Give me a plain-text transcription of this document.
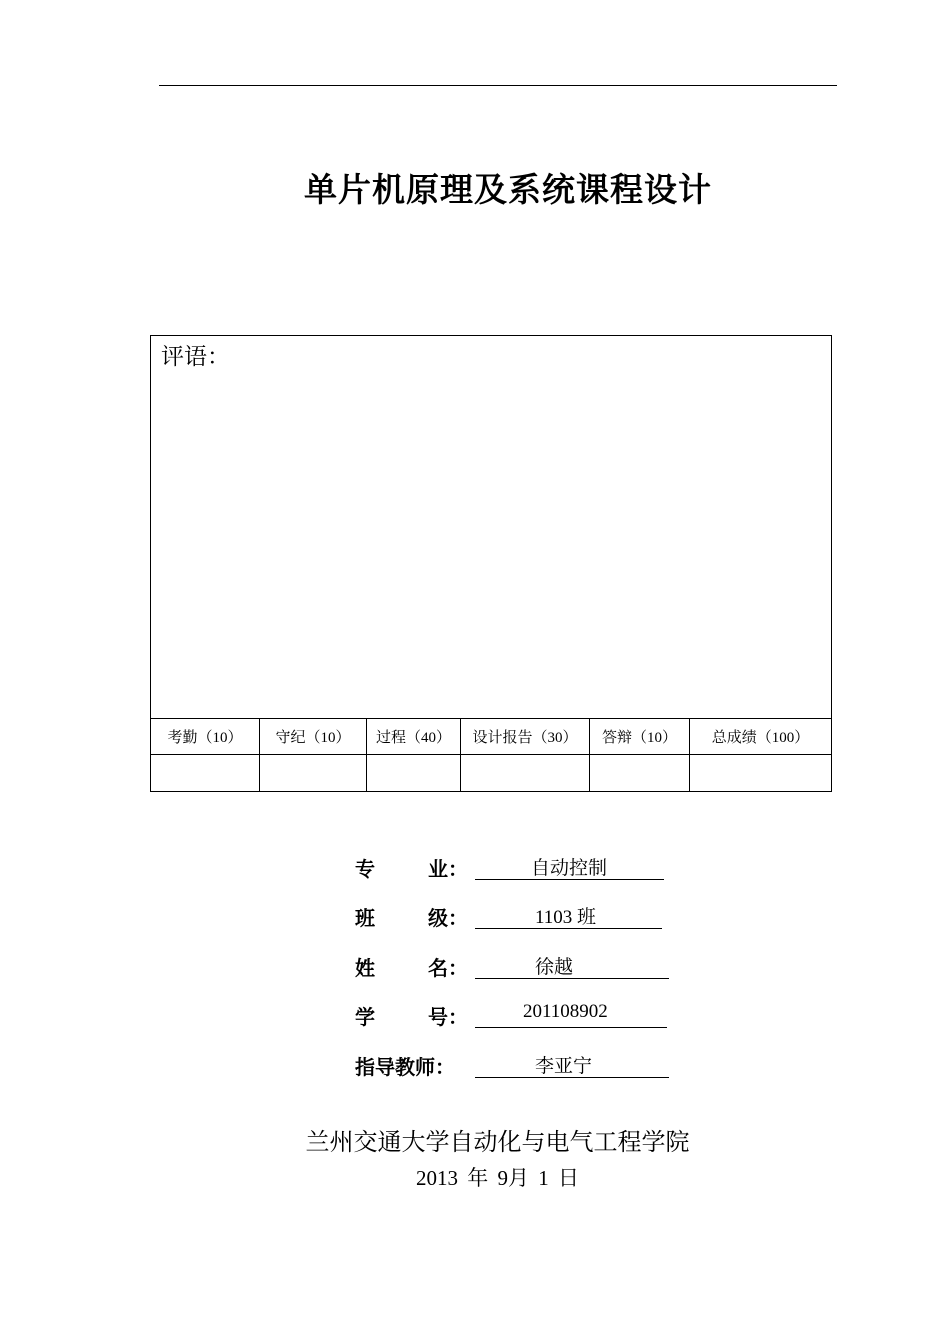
单片机原理及系统课程设计
评语：					

考勤（10）	守纪（10）	过程（40）	设计报告（30）	答辩（10）	总成绩（100）

专	业：	自动控制
班	级：	1103 班
姓	名：	徐越
学	号：	201108902
指导教师：	李亚宁
兰州交通大学自动化与电气工程学院
2013 年 9月 1 日
